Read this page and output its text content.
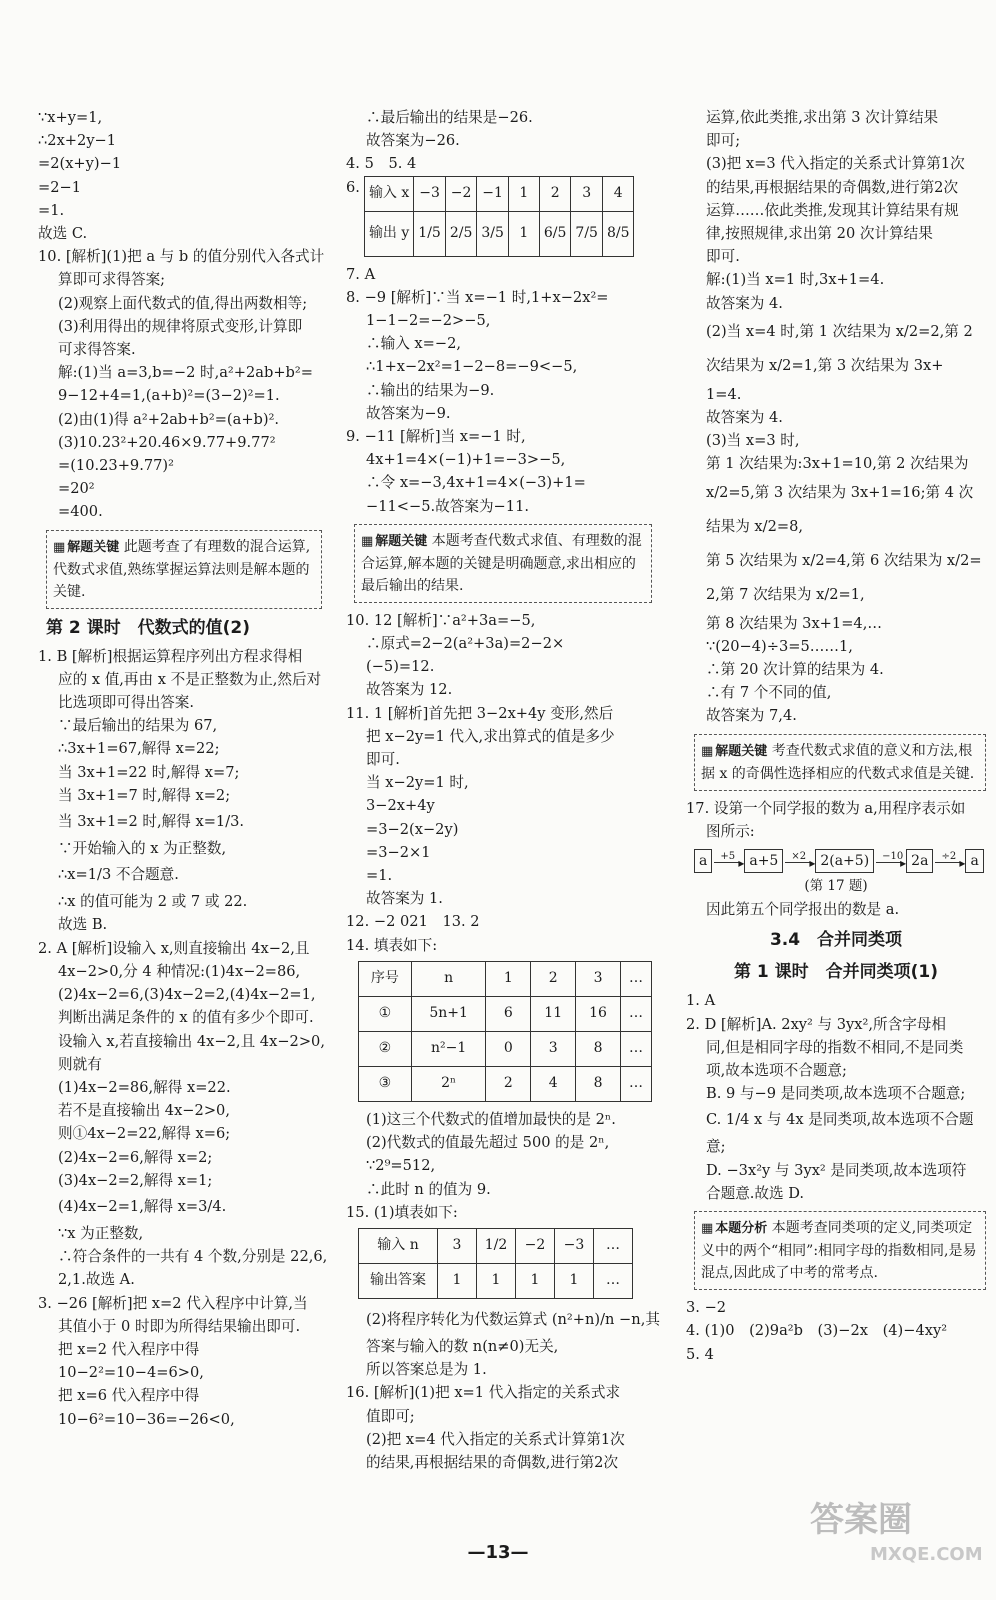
∵x+y=1,
∴2x+2y−1
=2(x+y)−1
=2−1
=1.
故选 C.
10. [解析](1)把 a 与 b 的值分别代入各式计
算即可求得答案;
(2)观察上面代数式的值,得出两数相等;
(3)利用得出的规律将原式变形,计算即
可求得答案.
解:(1)当 a=3,b=−2 时,a²+2ab+b²=
9−12+4=1,(a+b)²=(3−2)²=1.
(2)由(1)得 a²+2ab+b²=(a+b)².
(3)10.23²+20.46×9.77+9.77²
=(10.23+9.77)²
=20²
=400.
▦ 解题关键 此题考查了有理数的混合运算,代数式求值,熟练掌握运算法则是解本题的关键.
第 2 课时　代数式的值(2)
1. B [解析]根据运算程序列出方程求得相
应的 x 值,再由 x 不是正整数为止,然后对
比选项即可得出答案.
∵最后输出的结果为 67,
∴3x+1=67,解得 x=22;
当 3x+1=22 时,解得 x=7;
当 3x+1=7 时,解得 x=2;
当 3x+1=2 时,解得 x=1/3.
∵开始输入的 x 为正整数,
∴x=1/3 不合题意.
∴x 的值可能为 2 或 7 或 22.
故选 B.
2. A [解析]设输入 x,则直接输出 4x−2,且
4x−2>0,分 4 种情况:(1)4x−2=86,
(2)4x−2=6,(3)4x−2=2,(4)4x−2=1,
判断出满足条件的 x 的值有多少个即可.
设输入 x,若直接输出 4x−2,且 4x−2>0,
则就有
(1)4x−2=86,解得 x=22.
若不是直接输出 4x−2>0,
则①4x−2=22,解得 x=6;
(2)4x−2=6,解得 x=2;
(3)4x−2=2,解得 x=1;
(4)4x−2=1,解得 x=3/4.
∵x 为正整数,
∴符合条件的一共有 4 个数,分别是 22,6,
2,1.故选 A.
3. −26 [解析]把 x=2 代入程序中计算,当
其值小于 0 时即为所得结果输出即可.
把 x=2 代入程序中得
10−2²=10−4=6>0,
把 x=6 代入程序中得
10−6²=10−36=−26<0,
∴最后输出的结果是−26.
故答案为−26.
4. 5　5. 4
6. 输入 x	−3	−2	−1	1	2	3	4
输出 y	1/5	2/5	3/5	1	6/5	7/5	8/5
7. A
8. −9 [解析]∵当 x=−1 时,1+x−2x²=
1−1−2=−2>−5,
∴输入 x=−2,
∴1+x−2x²=1−2−8=−9<−5,
∴输出的结果为−9.
故答案为−9.
9. −11 [解析]当 x=−1 时,
4x+1=4×(−1)+1=−3>−5,
∴令 x=−3,4x+1=4×(−3)+1=
−11<−5.故答案为−11.
▦ 解题关键 本题考查代数式求值、有理数的混合运算,解本题的关键是明确题意,求出相应的最后输出的结果.
10. 12 [解析]∵a²+3a=−5,
∴原式=2−2(a²+3a)=2−2×
(−5)=12.
故答案为 12.
11. 1 [解析]首先把 3−2x+4y 变形,然后
把 x−2y=1 代入,求出算式的值是多少
即可.
当 x−2y=1 时,
3−2x+4y
=3−2(x−2y)
=3−2×1
=1.
故答案为 1.
12. −2 021　13. 2
14. 填表如下:
序号	n	1	2	3	…
①	5n+1	6	11	16	…
②	n²−1	0	3	8	…
③	2ⁿ	2	4	8	…
(1)这三个代数式的值增加最快的是 2ⁿ.
(2)代数式的值最先超过 500 的是 2ⁿ,
∵2⁹=512,
∴此时 n 的值为 9.
15. (1)填表如下:
输入 n	3	1/2	−2	−3	…
输出答案	1	1	1	1	…
(2)将程序转化为代数运算式 (n²+n)/n −n,其
答案与输入的数 n(n≠0)无关,
所以答案总是为 1.
16. [解析](1)把 x=1 代入指定的关系式求
值即可;
(2)把 x=4 代入指定的关系式计算第1次
的结果,再根据结果的奇偶数,进行第2次
运算,依此类推,求出第 3 次计算结果
即可;
(3)把 x=3 代入指定的关系式计算第1次
的结果,再根据结果的奇偶数,进行第2次
运算……依此类推,发现其计算结果有规
律,按照规律,求出第 20 次计算结果
即可.
解:(1)当 x=1 时,3x+1=4.
故答案为 4.
(2)当 x=4 时,第 1 次结果为 x/2=2,第 2
次结果为 x/2=1,第 3 次结果为 3x+
1=4.
故答案为 4.
(3)当 x=3 时,
第 1 次结果为:3x+1=10,第 2 次结果为
x/2=5,第 3 次结果为 3x+1=16;第 4 次
结果为 x/2=8,
第 5 次结果为 x/2=4,第 6 次结果为 x/2=
2,第 7 次结果为 x/2=1,
第 8 次结果为 3x+1=4,…
∵(20−4)÷3=5……1,
∴第 20 次计算的结果为 4.
∴有 7 个不同的值,
故答案为 7,4.
▦ 解题关键 考查代数式求值的意义和方法,根据 x 的奇偶性选择相应的代数式求值是关键.
17. 设第一个同学报的数为 a,用程序表示如
图所示:
a	+5
▸	a+5	×2
▸	2(a+5)	−10
▸ 2a	÷2
▸	a
(第 17 题)
因此第五个同学报出的数是 a.
3.4　合并同类项
第 1 课时　合并同类项(1)
1. A
2. D [解析]A. 2xy² 与 3yx²,所含字母相
同,但是相同字母的指数不相同,不是同类
项,故本选项不合题意;
B. 9 与−9 是同类项,故本选项不合题意;
C. 1/4 x 与 4x 是同类项,故本选项不合题
意;
D. −3x²y 与 3yx² 是同类项,故本选项符
合题意.故选 D.
▦ 本题分析 本题考查同类项的定义,同类项定义中的两个“相同”:相同字母的指数相同,是易混点,因此成了中考的常考点.
3. −2
4. (1)0　(2)9a²b　(3)−2x　(4)−4xy²
5. 4
—13—
答案圈
MXQE.COM
